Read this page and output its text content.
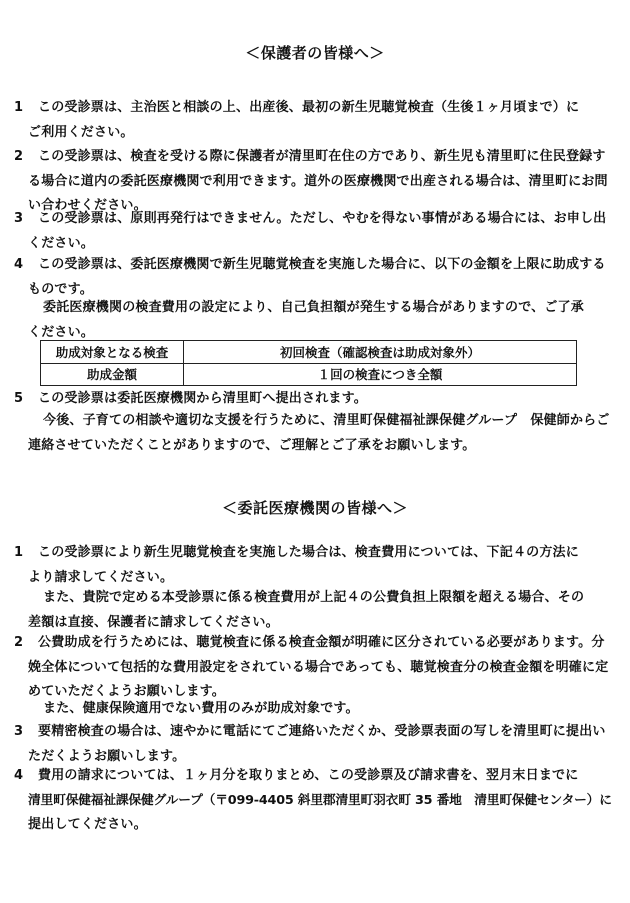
＜保護者の皆様へ＞
1 この受診票は、主治医と相談の上、出産後、最初の新生児聴覚検査（生後１ヶ月頃まで）に
ご利用ください。
2 この受診票は、検査を受ける際に保護者が清里町在住の方であり、新生児も清里町に住民登録す
る場合に道内の委託医療機関で利用できます。道外の医療機関で出産される場合は、清里町にお問
い合わせください。
3 この受診票は、原則再発行はできません。ただし、やむを得ない事情がある場合には、お申し出
ください。
4 この受診票は、委託医療機関で新生児聴覚検査を実施した場合に、以下の金額を上限に助成する
ものです。
委託医療機関の検査費用の設定により、自己負担額が発生する場合がありますので、ご了承
ください。
助成対象となる検査	初回検査（確認検査は助成対象外）
助成金額	１回の検査につき全額
5 この受診票は委託医療機関から清里町へ提出されます。
今後、子育ての相談や適切な支援を行うために、清里町保健福祉課保健グループ　保健師からご
連絡させていただくことがありますので、ご理解とご了承をお願いします。
＜委託医療機関の皆様へ＞
1 この受診票により新生児聴覚検査を実施した場合は、検査費用については、下記４の方法に
より請求してください。
また、貴院で定める本受診票に係る検査費用が上記４の公費負担上限額を超える場合、その
差額は直接、保護者に請求してください。
2 公費助成を行うためには、聴覚検査に係る検査金額が明確に区分されている必要があります。分
娩全体について包括的な費用設定をされている場合であっても、聴覚検査分の検査金額を明確に定
めていただくようお願いします。
また、健康保険適用でない費用のみが助成対象です。
3 要精密検査の場合は、速やかに電話にてご連絡いただくか、受診票表面の写しを清里町に提出い
ただくようお願いします。
4 費用の請求については、１ヶ月分を取りまとめ、この受診票及び請求書を、翌月末日までに
清里町保健福祉課保健グループ（〒099-4405 斜里郡清里町羽衣町 35 番地　清里町保健センター）に
提出してください。
